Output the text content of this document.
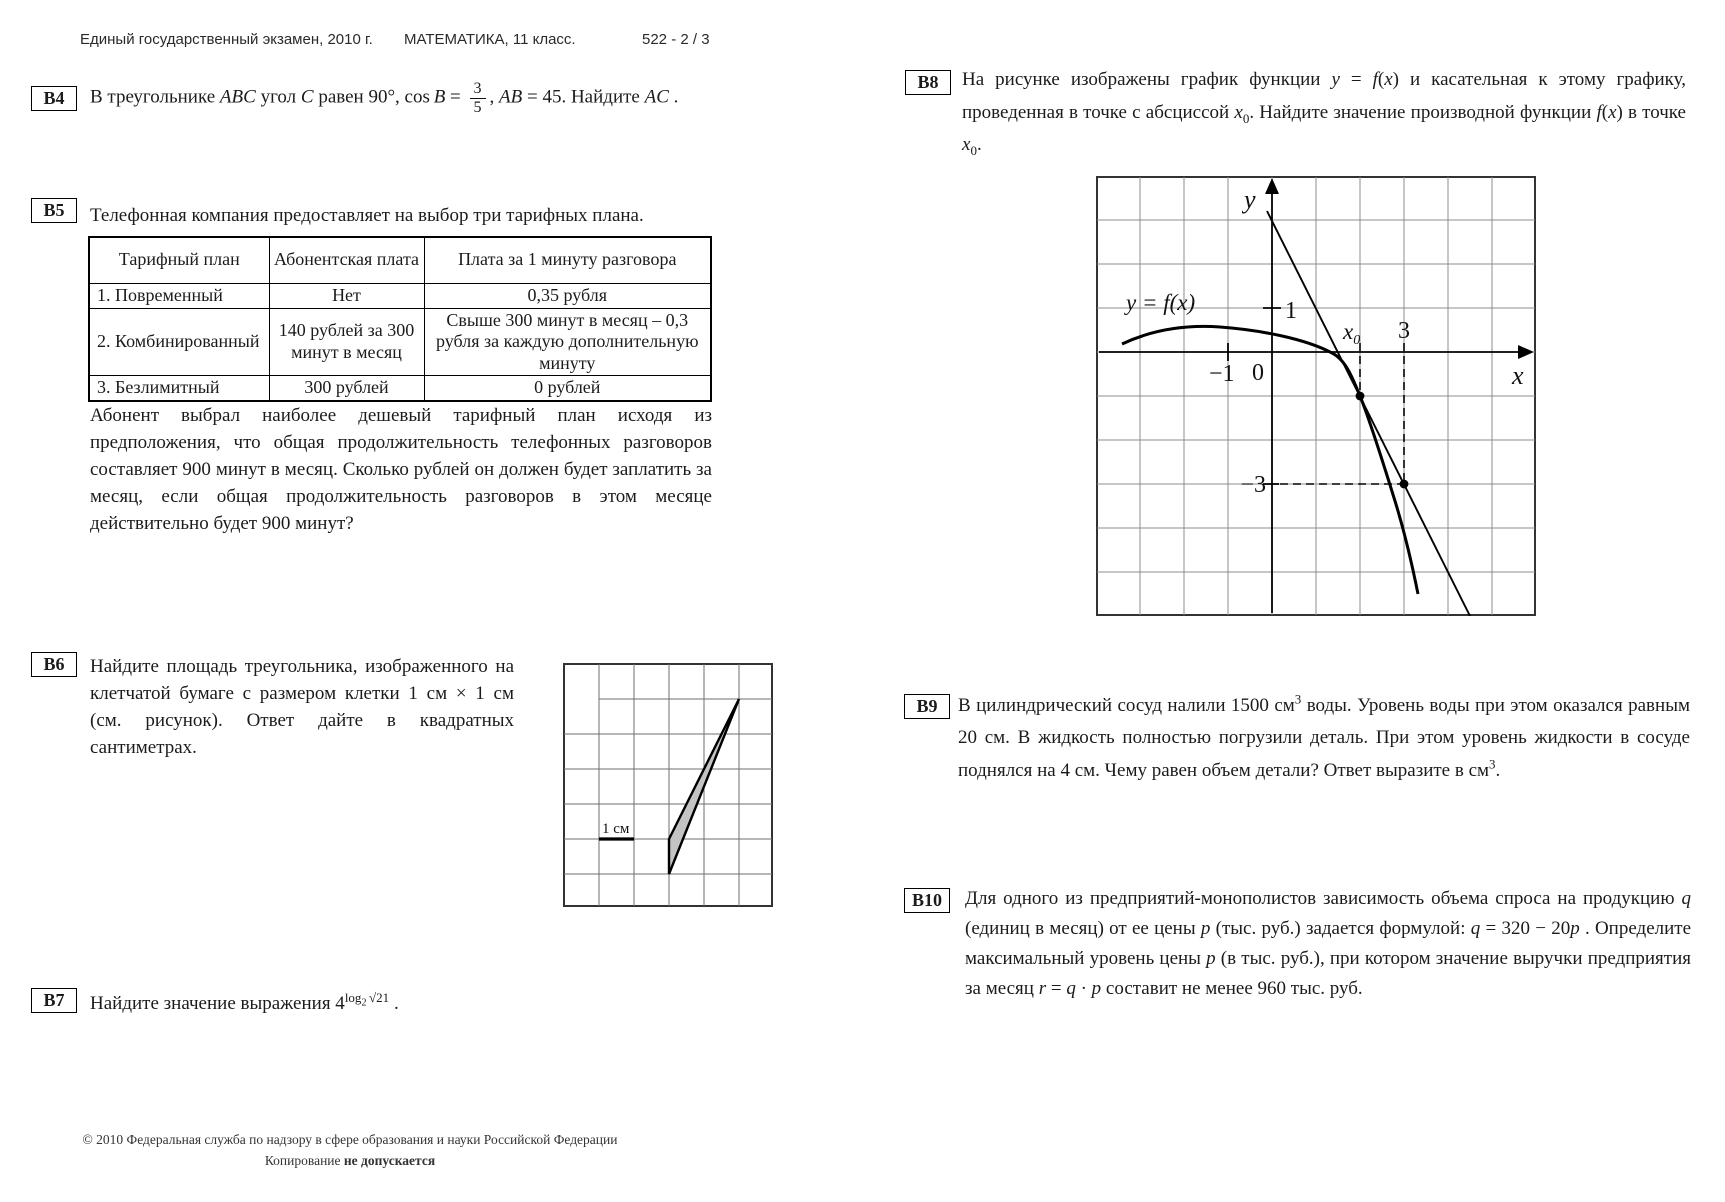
Единый государственный экзамен, 2010 г. МАТЕМАТИКА, 11 класс.	522 - 2 / 3
В4	В треугольнике ABC угол C равен 90°, $\cos B = \frac{3}{5}$ , AB = 45. Найдите AC .
В5	Телефонная компания предоставляет на выбор три тарифных плана.
Тарифный план	Абонентская плата	Плата за 1 минуту разговора
1. Повременный	Нет	0,35 рубля
2. Комбинированный	140 рублей за 300 минут в месяц	Свыше 300 минут в месяц – 0,3 рубля за каждую дополнительную минуту
3. Безлимитный	300 рублей	0 рублей
Абонент выбрал наиболее дешевый тарифный план исходя из предположения, что общая продолжительность телефонных разговоров составляет 900 минут в месяц. Сколько рублей он должен будет заплатить за месяц, если общая продолжительность разговоров в этом месяце действительно будет 900 минут?
В6	Найдите площадь треугольника, изображенного на клетчатой бумаге с размером клетки 1 см × 1 см (см. рисунок). Ответ дайте в квадратных сантиметрах.
1 см
В7	Найдите значение выражения $4^{log_2 √21}$ .
В8	На рисунке изображены график функции y = f(x) и касательная к этому графику, проведенная в точке с абсциссой $x_0$. Найдите значение производной функции f(x) в точке $x_0$.
y
x
1
−1 0
$x_0$ 3
−3
y = f(x)
В9	В цилиндрический сосуд налили 1500 $см^3$ воды. Уровень воды при этом оказался равным 20 см. В жидкость полностью погрузили деталь. При этом уровень жидкости в сосуде поднялся на 4 см. Чему равен объем детали? Ответ выразите в $см^3$.
В10	Для одного из предприятий-монополистов зависимость объема спроса на продукцию q (единиц в месяц) от ее цены p (тыс. руб.) задается формулой: q = 320 − 20p . Определите максимальный уровень цены p (в тыс. руб.), при котором значение выручки предприятия за месяц r = q · p составит не менее 960 тыс. руб.
© 2010 Федеральная служба по надзору в сфере образования и науки Российской Федерации
Копирование не допускается
